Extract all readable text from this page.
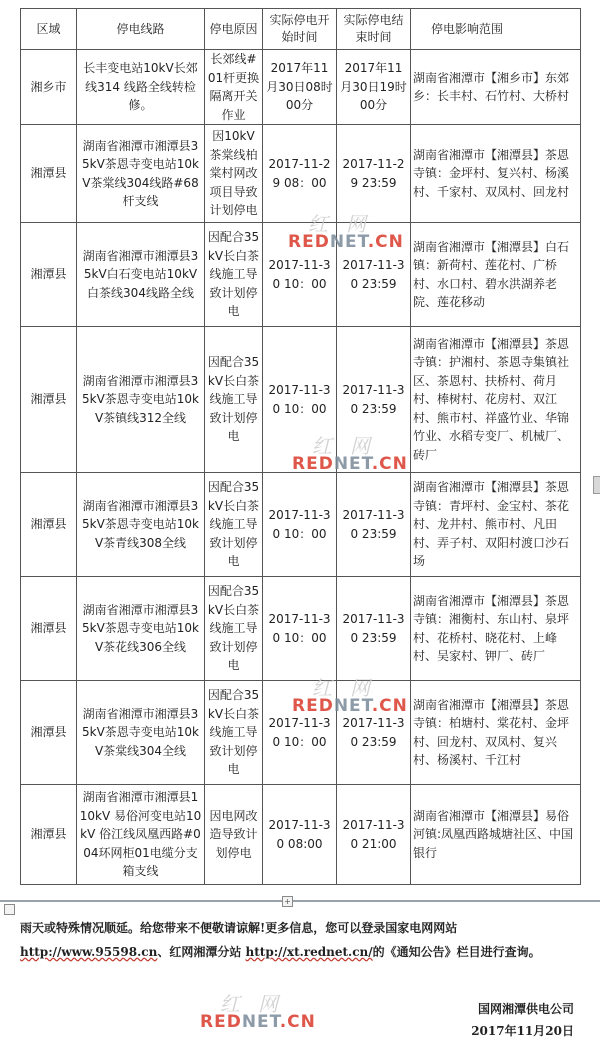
区域	停电线路	停电原因	实际停电开始时间	实际停电结束时间	停电影响范围
湘乡市	长丰变电站10kV长郊线314 线路全线转检修。	长郊线#01杆更换隔离开关作业	2017年11月30日08时00分	2017年11月30日19时00分	湖南省湘潭市【湘乡市】东郊乡：长丰村、石竹村、大桥村
湘潭县	湖南省湘潭市湘潭县35kV茶恩寺变电站10kV茶棠线304线路#68杆支线	因10kV茶棠线柏棠村网改项目导致计划停电	2017-11-29 08：00	2017-11-29 23:59	湖南省湘潭市【湘潭县】茶恩寺镇：金坪村、复兴村、杨溪村、千家村、双凤村、回龙村
湘潭县	湖南省湘潭市湘潭县35kV白石变电站10kV白茶线304线路全线	因配合35kV长白茶线施工导致计划停电	2017-11-30 10：00	2017-11-30 23:59	湖南省湘潭市【湘潭县】白石镇：新荷村、莲花村、广桥村、水口村、碧水洪湖养老院、莲花移动
湘潭县	湖南省湘潭市湘潭县35kV茶恩寺变电站10kV茶镇线312全线	因配合35kV长白茶线施工导致计划停电	2017-11-30 10：00	2017-11-30 23:59	湖南省湘潭市【湘潭县】茶恩寺镇：护湘村、茶恩寺集镇社区、茶恩村、扶桥村、荷月村、棒树村、花房村、双江村、熊市村、祥盛竹业、华锦竹业、水稻专变厂、机械厂、砖厂
湘潭县	湖南省湘潭市湘潭县35kV茶恩寺变电站10kV茶青线308全线	因配合35kV长白茶线施工导致计划停电	2017-11-30 10：00	2017-11-30 23:59	湖南省湘潭市【湘潭县】茶恩寺镇：青坪村、金宝村、茶花村、龙井村、熊市村、凡田村、弄子村、双阳村渡口沙石场
湘潭县	湖南省湘潭市湘潭县35kV茶恩寺变电站10kV茶花线306全线	因配合35kV长白茶线施工导致计划停电	2017-11-30 10：00	2017-11-30 23:59	湖南省湘潭市【湘潭县】茶恩寺镇：湘衡村、东山村、泉坪村、花桥村、晓花村、上峰村、吴家村、钾厂、砖厂
湘潭县	湖南省湘潭市湘潭县35kV茶恩寺变电站10kV茶棠线304全线	因配合35kV长白茶线施工导致计划停电	2017-11-30 10：00	2017-11-30 23:59	湖南省湘潭市【湘潭县】茶恩寺镇：柏塘村、棠花村、金坪村、回龙村、双凤村、复兴村、杨溪村、千江村
湘潭县	湖南省湘潭市湘潭县110kV 易俗河变电站10kV 俗江线凤凰西路#004环网柜01电缆分支箱支线	因电网改造导致计划停电	2017-11-30 08:00	2017-11-30 21:00	湖南省湘潭市【湘潭县】易俗河镇:凤凰西路城塘社区、中国银行
+
雨天或特殊情况顺延。给您带来不便敬请谅解!更多信息，您可以登录国家电网网站
http://www.95598.cn、红网湘潭分站 http://xt.rednet.cn/的《通知公告》栏目进行查询。
国网湘潭供电公司
2017年11月20日
红网
REDNET.CN
红网
REDNET.CN
红网
REDNET.CN
红网
REDNET.CN
